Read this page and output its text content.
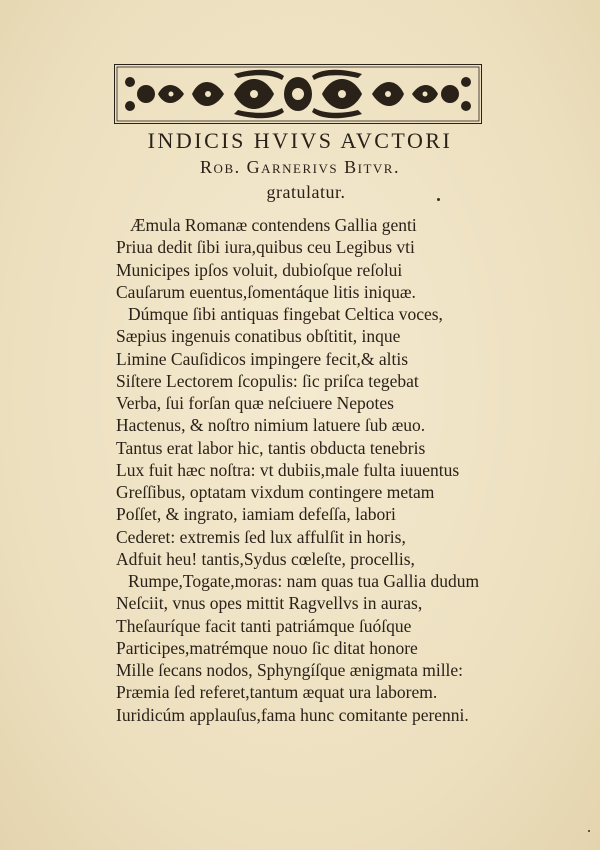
INDICIS HVIVS AVCTORI
Rob. Garnerivs Bitvr.
gratulatur.
Æmula Romanæ contendens Gallia genti
Priua dedit ſibi iura,quibus ceu Legibus vti
Municipes ipſos voluit, dubioſque reſolui
Cauſarum euentus,ſomentáque litis iniquæ.
Dúmque ſibi antiquas fingebat Celtica voces,
Sæpius ingenuis conatibus obſtitit, inque
Limine Cauſidicos impingere fecit,& altis
Siſtere Lectorem ſcopulis: ſic priſca tegebat
Verba, ſui forſan quæ neſciuere Nepotes
Hactenus, & noſtro nimium latuere ſub æuo.
Tantus erat labor hic, tantis obducta tenebris
Lux fuit hæc noſtra: vt dubiis,male fulta iuuentus
Greſſibus, optatam vixdum contingere metam
Poſſet, & ingrato, iamiam defeſſa, labori
Cederet: extremis ſed lux affulſit in horis,
Adfuit heu! tantis,Sydus cœleſte, procellis,
Rumpe,Togate,moras: nam quas tua Gallia dudum
Neſciit, vnus opes mittit Ragvellvs in auras,
Theſauríque facit tanti patriámque ſuóſque
Participes,matrémque nouo ſic ditat honore
Mille ſecans nodos, Sphyngíſque ænigmata mille:
Præmia ſed referet,tantum æquat ura laborem.
Iuridicúm applauſus,fama hunc comitante perenni.
